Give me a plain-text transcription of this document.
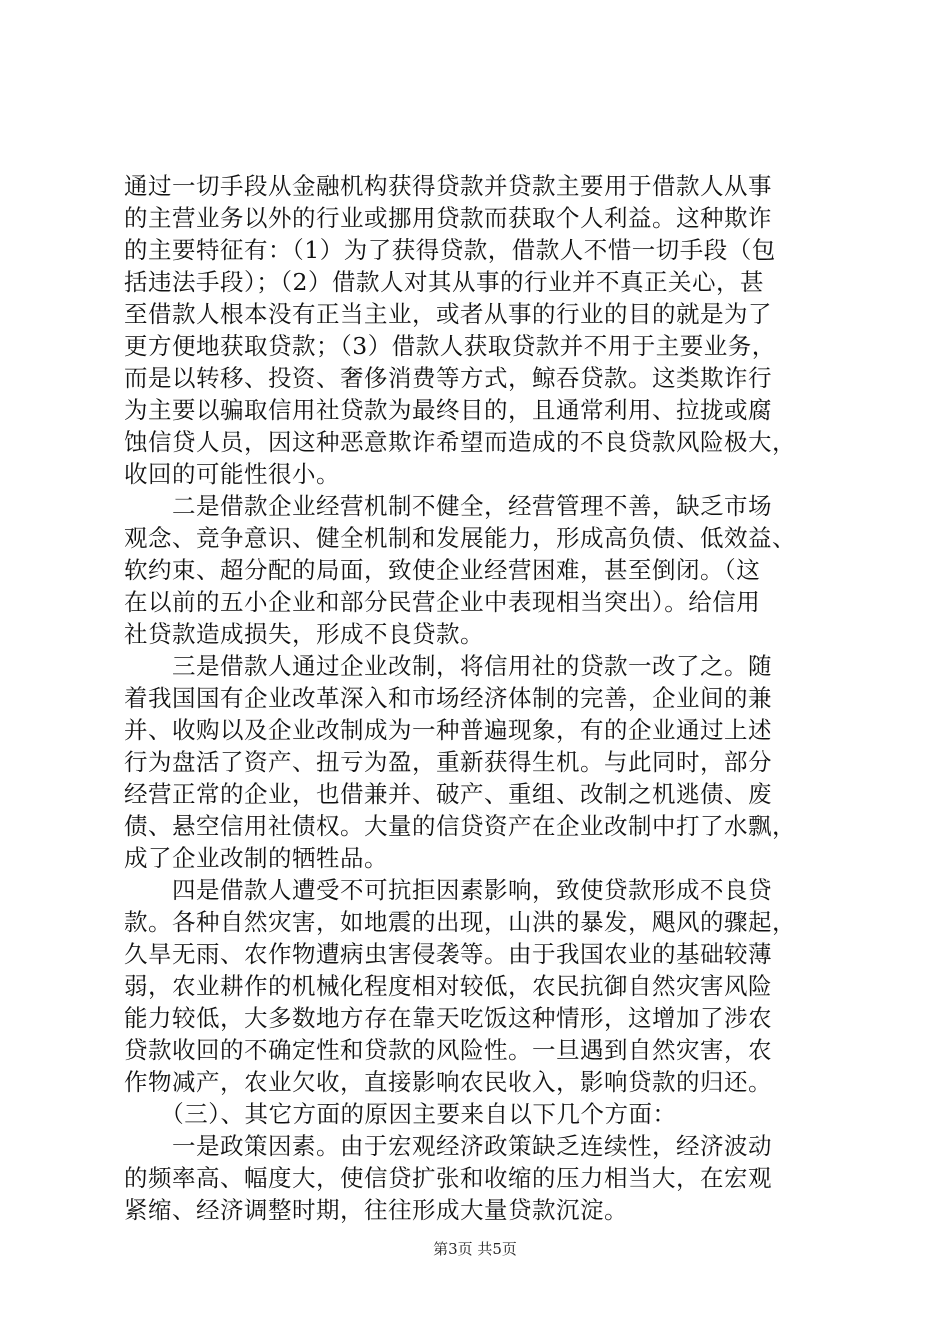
通过一切手段从金融机构获得贷款并贷款主要用于借款人从事
的主营业务以外的行业或挪用贷款而获取个人利益。这种欺诈
的主要特征有：（1）为了获得贷款，借款人不惜一切手段（包
括违法手段）；（2）借款人对其从事的行业并不真正关心，甚
至借款人根本没有正当主业，或者从事的行业的目的就是为了
更方便地获取贷款；（3）借款人获取贷款并不用于主要业务，
而是以转移、投资、奢侈消费等方式，鲸吞贷款。这类欺诈行
为主要以骗取信用社贷款为最终目的，且通常利用、拉拢或腐
蚀信贷人员，因这种恶意欺诈希望而造成的不良贷款风险极大，
收回的可能性很小。
　　二是借款企业经营机制不健全，经营管理不善，缺乏市场
观念、竞争意识、健全机制和发展能力，形成高负债、低效益、
软约束、超分配的局面，致使企业经营困难，甚至倒闭。（这
在以前的五小企业和部分民营企业中表现相当突出）。给信用
社贷款造成损失，形成不良贷款。
　　三是借款人通过企业改制，将信用社的贷款一改了之。随
着我国国有企业改革深入和市场经济体制的完善，企业间的兼
并、收购以及企业改制成为一种普遍现象，有的企业通过上述
行为盘活了资产、扭亏为盈，重新获得生机。与此同时，部分
经营正常的企业，也借兼并、破产、重组、改制之机逃债、废
债、悬空信用社债权。大量的信贷资产在企业改制中打了水飘，
成了企业改制的牺牲品。
　　四是借款人遭受不可抗拒因素影响，致使贷款形成不良贷
款。各种自然灾害，如地震的出现，山洪的暴发，飓风的骤起，
久旱无雨、农作物遭病虫害侵袭等。由于我国农业的基础较薄
弱，农业耕作的机械化程度相对较低，农民抗御自然灾害风险
能力较低，大多数地方存在靠天吃饭这种情形，这增加了涉农
贷款收回的不确定性和贷款的风险性。一旦遇到自然灾害，农
作物减产，农业欠收，直接影响农民收入，影响贷款的归还。
　　（三）、其它方面的原因主要来自以下几个方面：
　　一是政策因素。由于宏观经济政策缺乏连续性，经济波动
的频率高、幅度大，使信贷扩张和收缩的压力相当大，在宏观
紧缩、经济调整时期，往往形成大量贷款沉淀。
第3页 共5页
